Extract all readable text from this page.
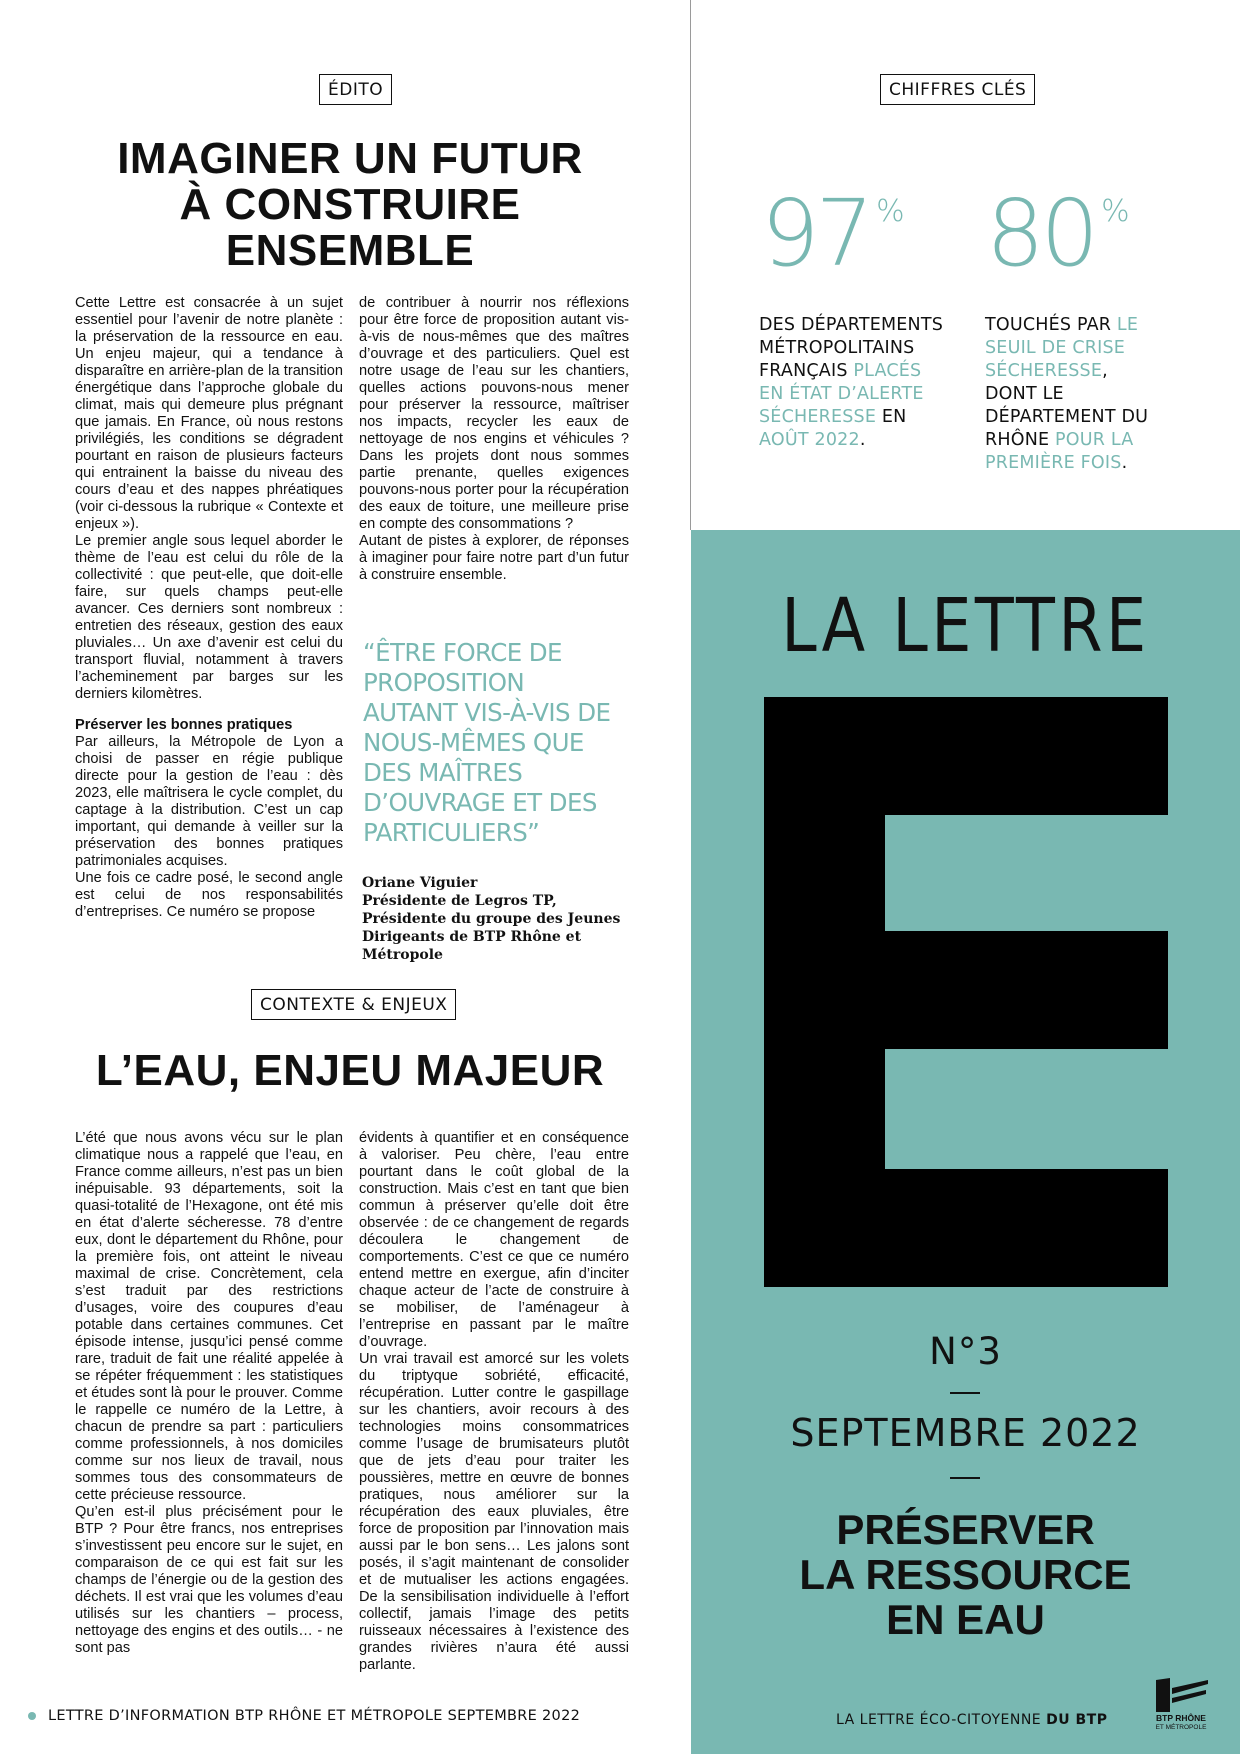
ÉDITO
IMAGINER UN FUTUR
À CONSTRUIRE
ENSEMBLE

Cette Lettre est consacrée à un sujet essentiel pour l’avenir de notre planète : la préservation de la ressource en eau. Un enjeu majeur, qui a tendance à disparaître en arrière-plan de la transition énergétique dans l’approche globale du climat, mais qui demeure plus prégnant que jamais. En France, où nous restons privilégiés, les conditions se dégradent pourtant en raison de plusieurs facteurs qui entrainent la baisse du niveau des cours d’eau et des nappes phréatiques (voir ci-dessous la rubrique « Contexte et enjeux »).

Le premier angle sous lequel aborder le thème de l’eau est celui du rôle de la collectivité : que peut-elle, que doit-elle faire, sur quels champs peut-elle avancer. Ces derniers sont nombreux : entretien des réseaux, gestion des eaux pluviales… Un axe d’avenir est celui du transport fluvial, notamment à travers l’acheminement par barges sur les derniers kilomètres.

Préserver les bonnes pratiques

Par ailleurs, la Métropole de Lyon a choisi de passer en régie publique directe pour la gestion de l’eau : dès 2023, elle maîtrisera le cycle complet, du captage à la distribution. C’est un cap important, qui demande à veiller sur la préservation des bonnes pratiques patrimoniales acquises.

Une fois ce cadre posé, le second angle est celui de nos responsabilités d’entreprises. Ce numéro se propose

de contribuer à nourrir nos réflexions pour être force de proposition autant vis-à-vis de nous-mêmes que des maîtres d’ouvrage et des particuliers. Quel est notre usage de l’eau sur les chantiers, quelles actions pouvons-nous mener pour préserver la ressource, maîtriser nos impacts, recycler les eaux de nettoyage de nos engins et véhicules ? Dans les projets dont nous sommes partie prenante, quelles exigences pouvons-nous porter pour la récupération des eaux de toiture, une meilleure prise en compte des consommations ?

Autant de pistes à explorer, de réponses à imaginer pour faire notre part d’un futur à construire ensemble.

“ÊTRE FORCE DE PROPOSITION AUTANT VIS-À-VIS DE NOUS-MÊMES QUE DES MAÎTRES D’OUVRAGE ET DES PARTICULIERS”
Oriane Viguier
Présidente de Legros TP,
Présidente du groupe des Jeunes
Dirigeants de BTP Rhône et
Métropole
CONTEXTE & ENJEUX
L’EAU, ENJEU MAJEUR

L’été que nous avons vécu sur le plan climatique nous a rappelé que l’eau, en France comme ailleurs, n’est pas un bien inépuisable. 93 départements, soit la quasi-totalité de l’Hexagone, ont été mis en état d’alerte sécheresse. 78 d’entre eux, dont le département du Rhône, pour la première fois, ont atteint le niveau maximal de crise. Concrètement, cela s’est traduit par des restrictions d’usages, voire des coupures d’eau potable dans certaines communes. Cet épisode intense, jusqu’ici pensé comme rare, traduit de fait une réalité appelée à se répéter fréquemment : les statistiques et études sont là pour le prouver. Comme le rappelle ce numéro de la Lettre, à chacun de prendre sa part : particuliers comme professionnels, à nos domiciles comme sur nos lieux de travail, nous sommes tous des consommateurs de cette précieuse ressource.

Qu’en est-il plus précisément pour le BTP ? Pour être francs, nos entreprises s’investissent peu encore sur le sujet, en comparaison de ce qui est fait sur les champs de l’énergie ou de la gestion des déchets. Il est vrai que les volumes d’eau utilisés sur les chantiers – process, nettoyage des engins et des outils… - ne sont pas

évidents à quantifier et en conséquence à valoriser. Peu chère, l’eau entre pourtant dans le coût global de la construction. Mais c’est en tant que bien commun à préserver qu’elle doit être observée : de ce changement de regards découlera le changement de comportements. C’est ce que ce numéro entend mettre en exergue, afin d’inciter chaque acteur de l’acte de construire à se mobiliser, de l’aménageur à l’entreprise en passant par le maître d’ouvrage.

Un vrai travail est amorcé sur les volets du triptyque sobriété, efficacité, récupération. Lutter contre le gaspillage sur les chantiers, avoir recours à des technologies moins consommatrices comme l’usage de brumisateurs plutôt que de jets d’eau pour traiter les poussières, mettre en œuvre de bonnes pratiques, nous améliorer sur la récupération des eaux pluviales, être force de proposition par l’innovation mais aussi par le bon sens… Les jalons sont posés, il s’agit maintenant de consolider et de mutualiser les actions engagées. De la sensibilisation individuelle à l’effort collectif, jamais l’image des petits ruisseaux nécessaires à l’existence des grandes rivières n’aura été aussi parlante.

LETTRE D’INFORMATION BTP RHÔNE ET MÉTROPOLE SEPTEMBRE 2022
CHIFFRES CLÉS
97 %
DES DÉPARTEMENTS MÉTROPOLITAINS FRANÇAIS PLACÉS EN ÉTAT D’ALERTE SÉCHERESSE EN AOÛT 2022.
80 %
TOUCHÉS PAR LE SEUIL DE CRISE SÉCHERESSE, DONT LE DÉPARTEMENT DU RHÔNE POUR LA PREMIÈRE FOIS.
LA LETTRE
N°3
SEPTEMBRE 2022
PRÉSERVER
LA RESSOURCE
EN EAU
LA LETTRE ÉCO-CITOYENNE DU BTP	BTP RHÔNE
ET MÉTROPOLE
